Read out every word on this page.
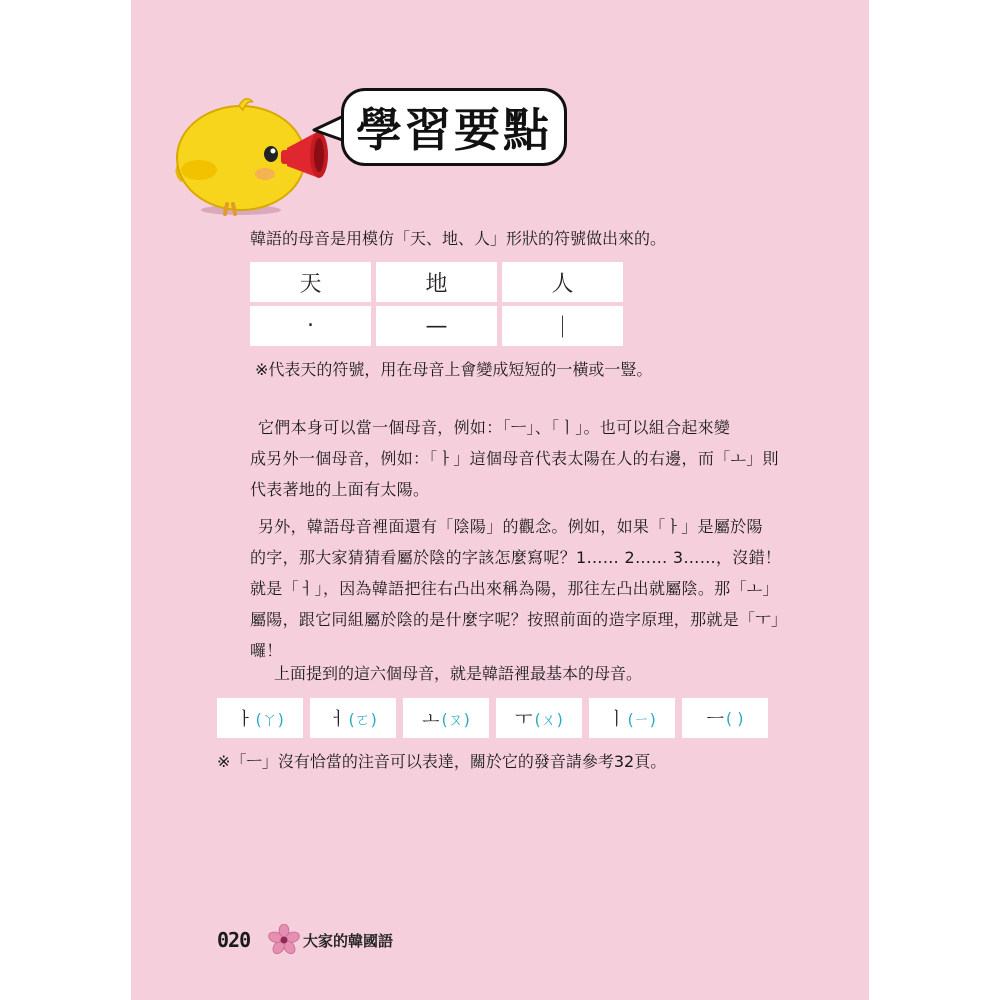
學習要點
韓語的母音是用模仿「天、地、人」形狀的符號做出來的。
天	地	人
‧	—	｜
※代表天的符號，用在母音上會變成短短的一橫或一豎。
它們本身可以當一個母音，例如：「ㅡ」、「ㅣ」。也可以組合起來變
成另外一個母音，例如：「ㅏ」這個母音代表太陽在人的右邊，而「ㅗ」則
代表著地的上面有太陽。
另外，韓語母音裡面還有「陰陽」的觀念。例如，如果「ㅏ」是屬於陽
的字，那大家猜猜看屬於陰的字該怎麼寫呢？1…… 2…… 3……，沒錯！
就是「ㅓ」，因為韓語把往右凸出來稱為陽，那往左凸出就屬陰。那「ㅗ」
屬陽，跟它同組屬於陰的是什麼字呢？按照前面的造字原理，那就是「ㅜ」
囉！
上面提到的這六個母音，就是韓語裡最基本的母音。
ㅏ (ㄚ)	ㅓ (ㄛ)	ㅗ (ㄡ)	ㅜ (ㄨ)	ㅣ (ㄧ)	ㅡ ( )
※「ㅡ」沒有恰當的注音可以表達，關於它的發音請參考32頁。
020	大家的韓國語
